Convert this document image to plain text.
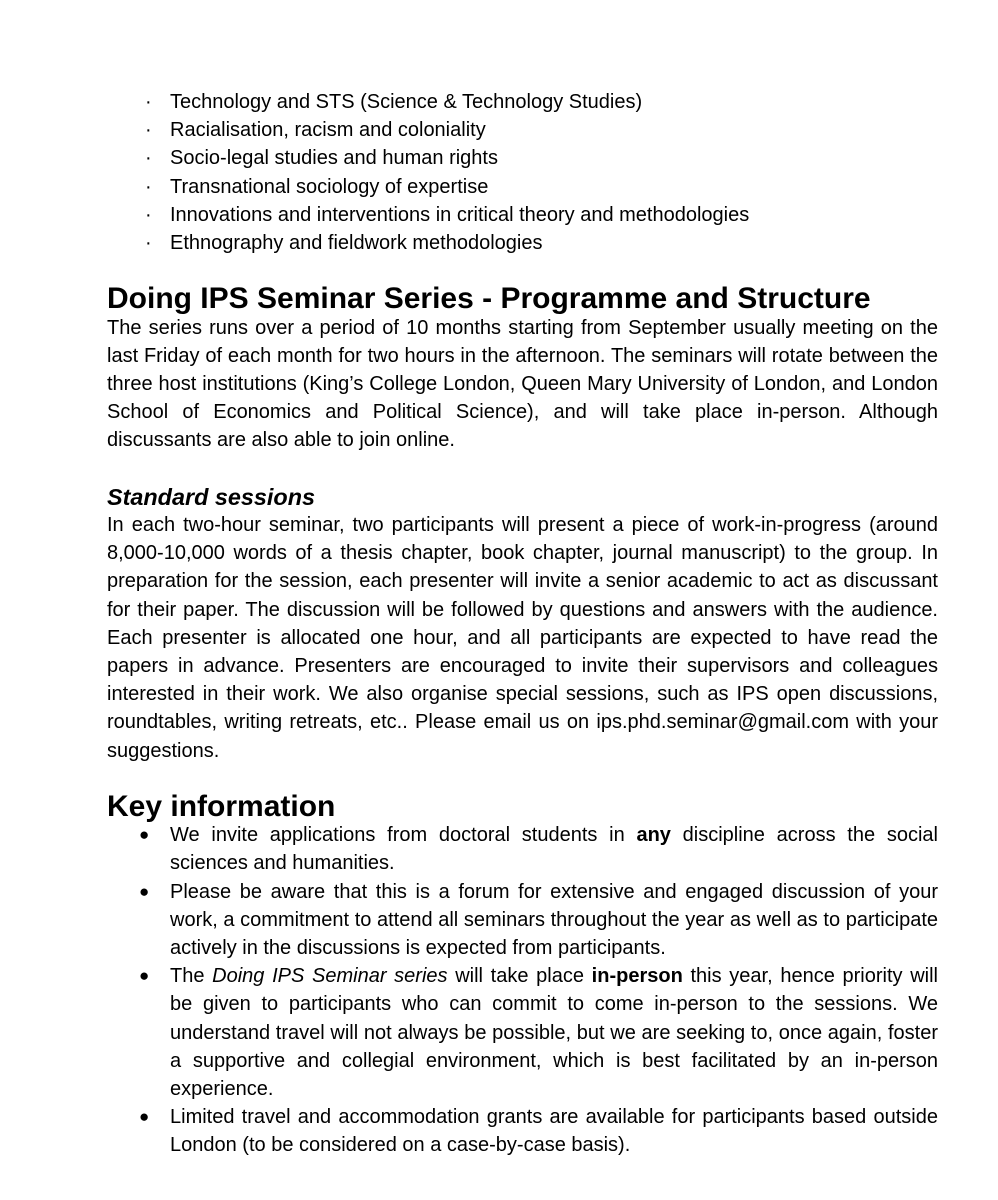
· Technology and STS (Science & Technology Studies)
· Racialisation, racism and coloniality
· Socio-legal studies and human rights
· Transnational sociology of expertise
· Innovations and interventions in critical theory and methodologies
· Ethnography and fieldwork methodologies
Doing IPS Seminar Series - Programme and Structure

The series runs over a period of 10 months starting from September usually meeting on the last Friday of each month for two hours in the afternoon. The seminars will rotate between the three host institutions (King’s College London, Queen Mary University of London, and London School of Economics and Political Science), and will take place in-person. Although discussants are also able to join online.

Standard sessions

In each two-hour seminar, two participants will present a piece of work-in-progress (around 8,000-10,000 words of a thesis chapter, book chapter, journal manuscript) to the group. In preparation for the session, each presenter will invite a senior academic to act as discussant for their paper. The discussion will be followed by questions and answers with the audience. Each presenter is allocated one hour, and all participants are expected to have read the papers in advance. Presenters are encouraged to invite their supervisors and colleagues interested in their work. We also organise special sessions, such as IPS open discussions, roundtables, writing retreats, etc.. Please email us on ips.phd.seminar@gmail.com with your suggestions.

Key information
● We invite applications from doctoral students in any discipline across the social sciences and humanities.
● Please be aware that this is a forum for extensive and engaged discussion of your work, a commitment to attend all seminars throughout the year as well as to participate actively in the discussions is expected from participants.
● The Doing IPS Seminar series will take place in-person this year, hence priority will be given to participants who can commit to come in-person to the sessions. We understand travel will not always be possible, but we are seeking to, once again, foster a supportive and collegial environment, which is best facilitated by an in-person experience.
● Limited travel and accommodation grants are available for participants based outside London (to be considered on a case-by-case basis).
